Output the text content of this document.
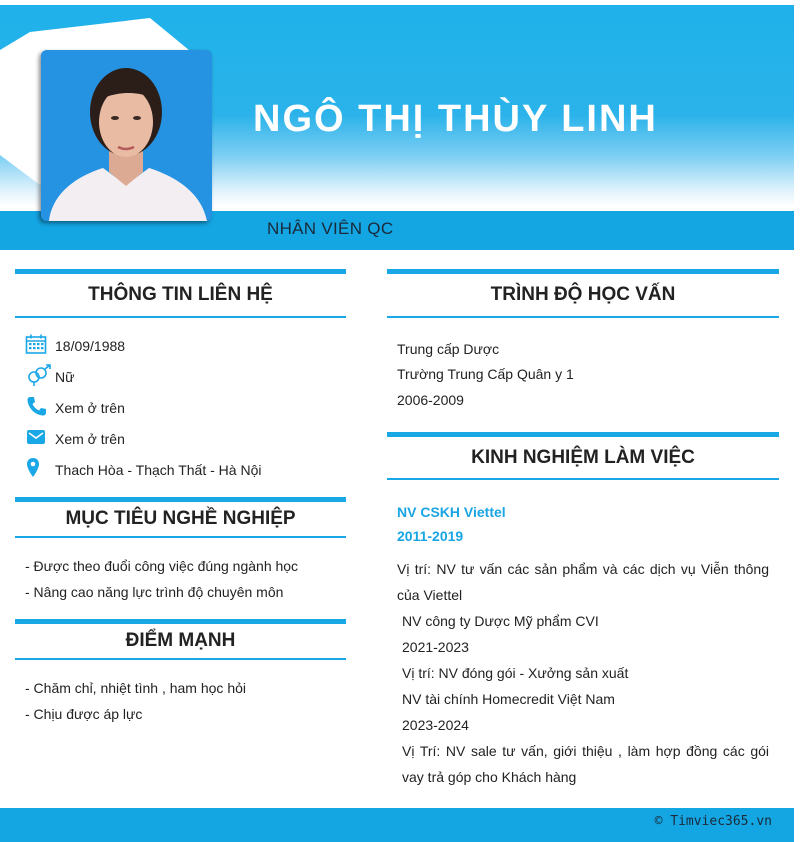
NGÔ THỊ THÙY LINH
NHÂN VIÊN QC
THÔNG TIN LIÊN HỆ
18/09/1988
Nữ
Xem ở trên
Xem ở trên
Thach Hòa - Thạch Thất - Hà Nội
MỤC TIÊU NGHỀ NGHIỆP
- Được theo đuổi công việc đúng ngành học
- Nâng cao năng lực trình độ chuyên môn
ĐIỂM MẠNH
- Chăm chỉ, nhiệt tình , ham học hỏi
- Chịu được áp lực
TRÌNH ĐỘ HỌC VẤN
Trung cấp Dược
Trường Trung Cấp Quân y 1
2006-2009
KINH NGHIỆM LÀM VIỆC
NV CSKH Viettel
2011-2019
Vị trí: NV tư vấn các sản phẩm và các dịch vụ Viễn thông của Viettel
NV công ty Dược Mỹ phẩm CVI
2021-2023
Vị trí: NV đóng gói - Xưởng sản xuất
NV tài chính Homecredit Việt Nam
2023-2024
Vị Trí: NV sale tư vấn, giới thiệu , làm hợp đồng các gói vay trả góp cho Khách hàng
© Timviec365.vn
